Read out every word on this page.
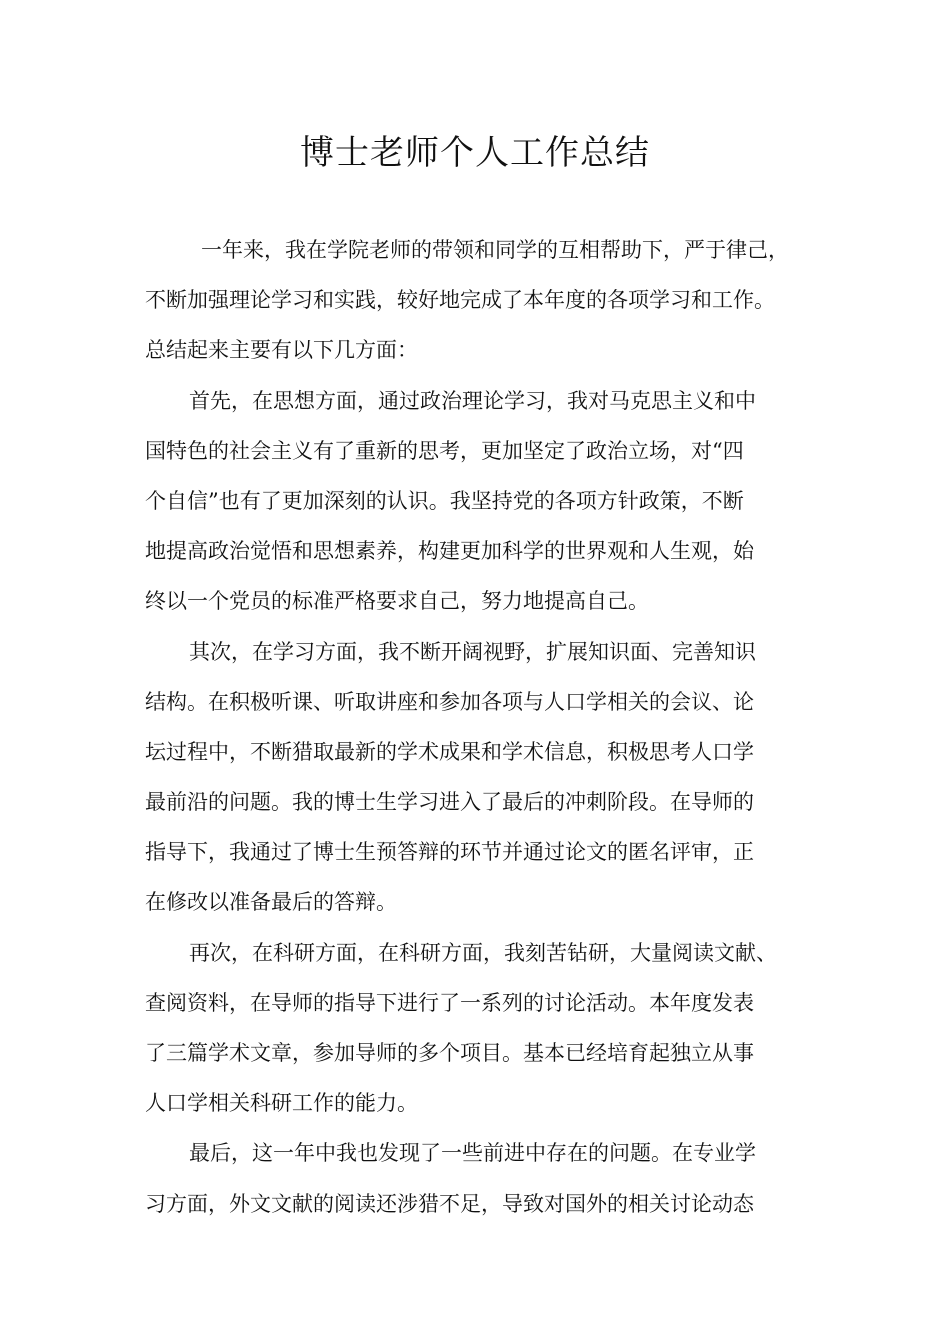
博士老师个人工作总结
一年来，我在学院老师的带领和同学的互相帮助下，严于律己，
不断加强理论学习和实践，较好地完成了本年度的各项学习和工作。
总结起来主要有以下几方面：
首先，在思想方面，通过政治理论学习，我对马克思主义和中
国特色的社会主义有了重新的思考，更加坚定了政治立场，对“四
个自信”也有了更加深刻的认识。我坚持党的各项方针政策，不断
地提高政治觉悟和思想素养，构建更加科学的世界观和人生观，始
终以一个党员的标准严格要求自己，努力地提高自己。
其次，在学习方面，我不断开阔视野，扩展知识面、完善知识
结构。在积极听课、听取讲座和参加各项与人口学相关的会议、论
坛过程中，不断猎取最新的学术成果和学术信息，积极思考人口学
最前沿的问题。我的博士生学习进入了最后的冲刺阶段。在导师的
指导下，我通过了博士生预答辩的环节并通过论文的匿名评审，正
在修改以准备最后的答辩。
再次，在科研方面，在科研方面，我刻苦钻研，大量阅读文献、
查阅资料，在导师的指导下进行了一系列的讨论活动。本年度发表
了三篇学术文章，参加导师的多个项目。基本已经培育起独立从事
人口学相关科研工作的能力。
最后，这一年中我也发现了一些前进中存在的问题。在专业学
习方面，外文文献的阅读还涉猎不足，导致对国外的相关讨论动态
